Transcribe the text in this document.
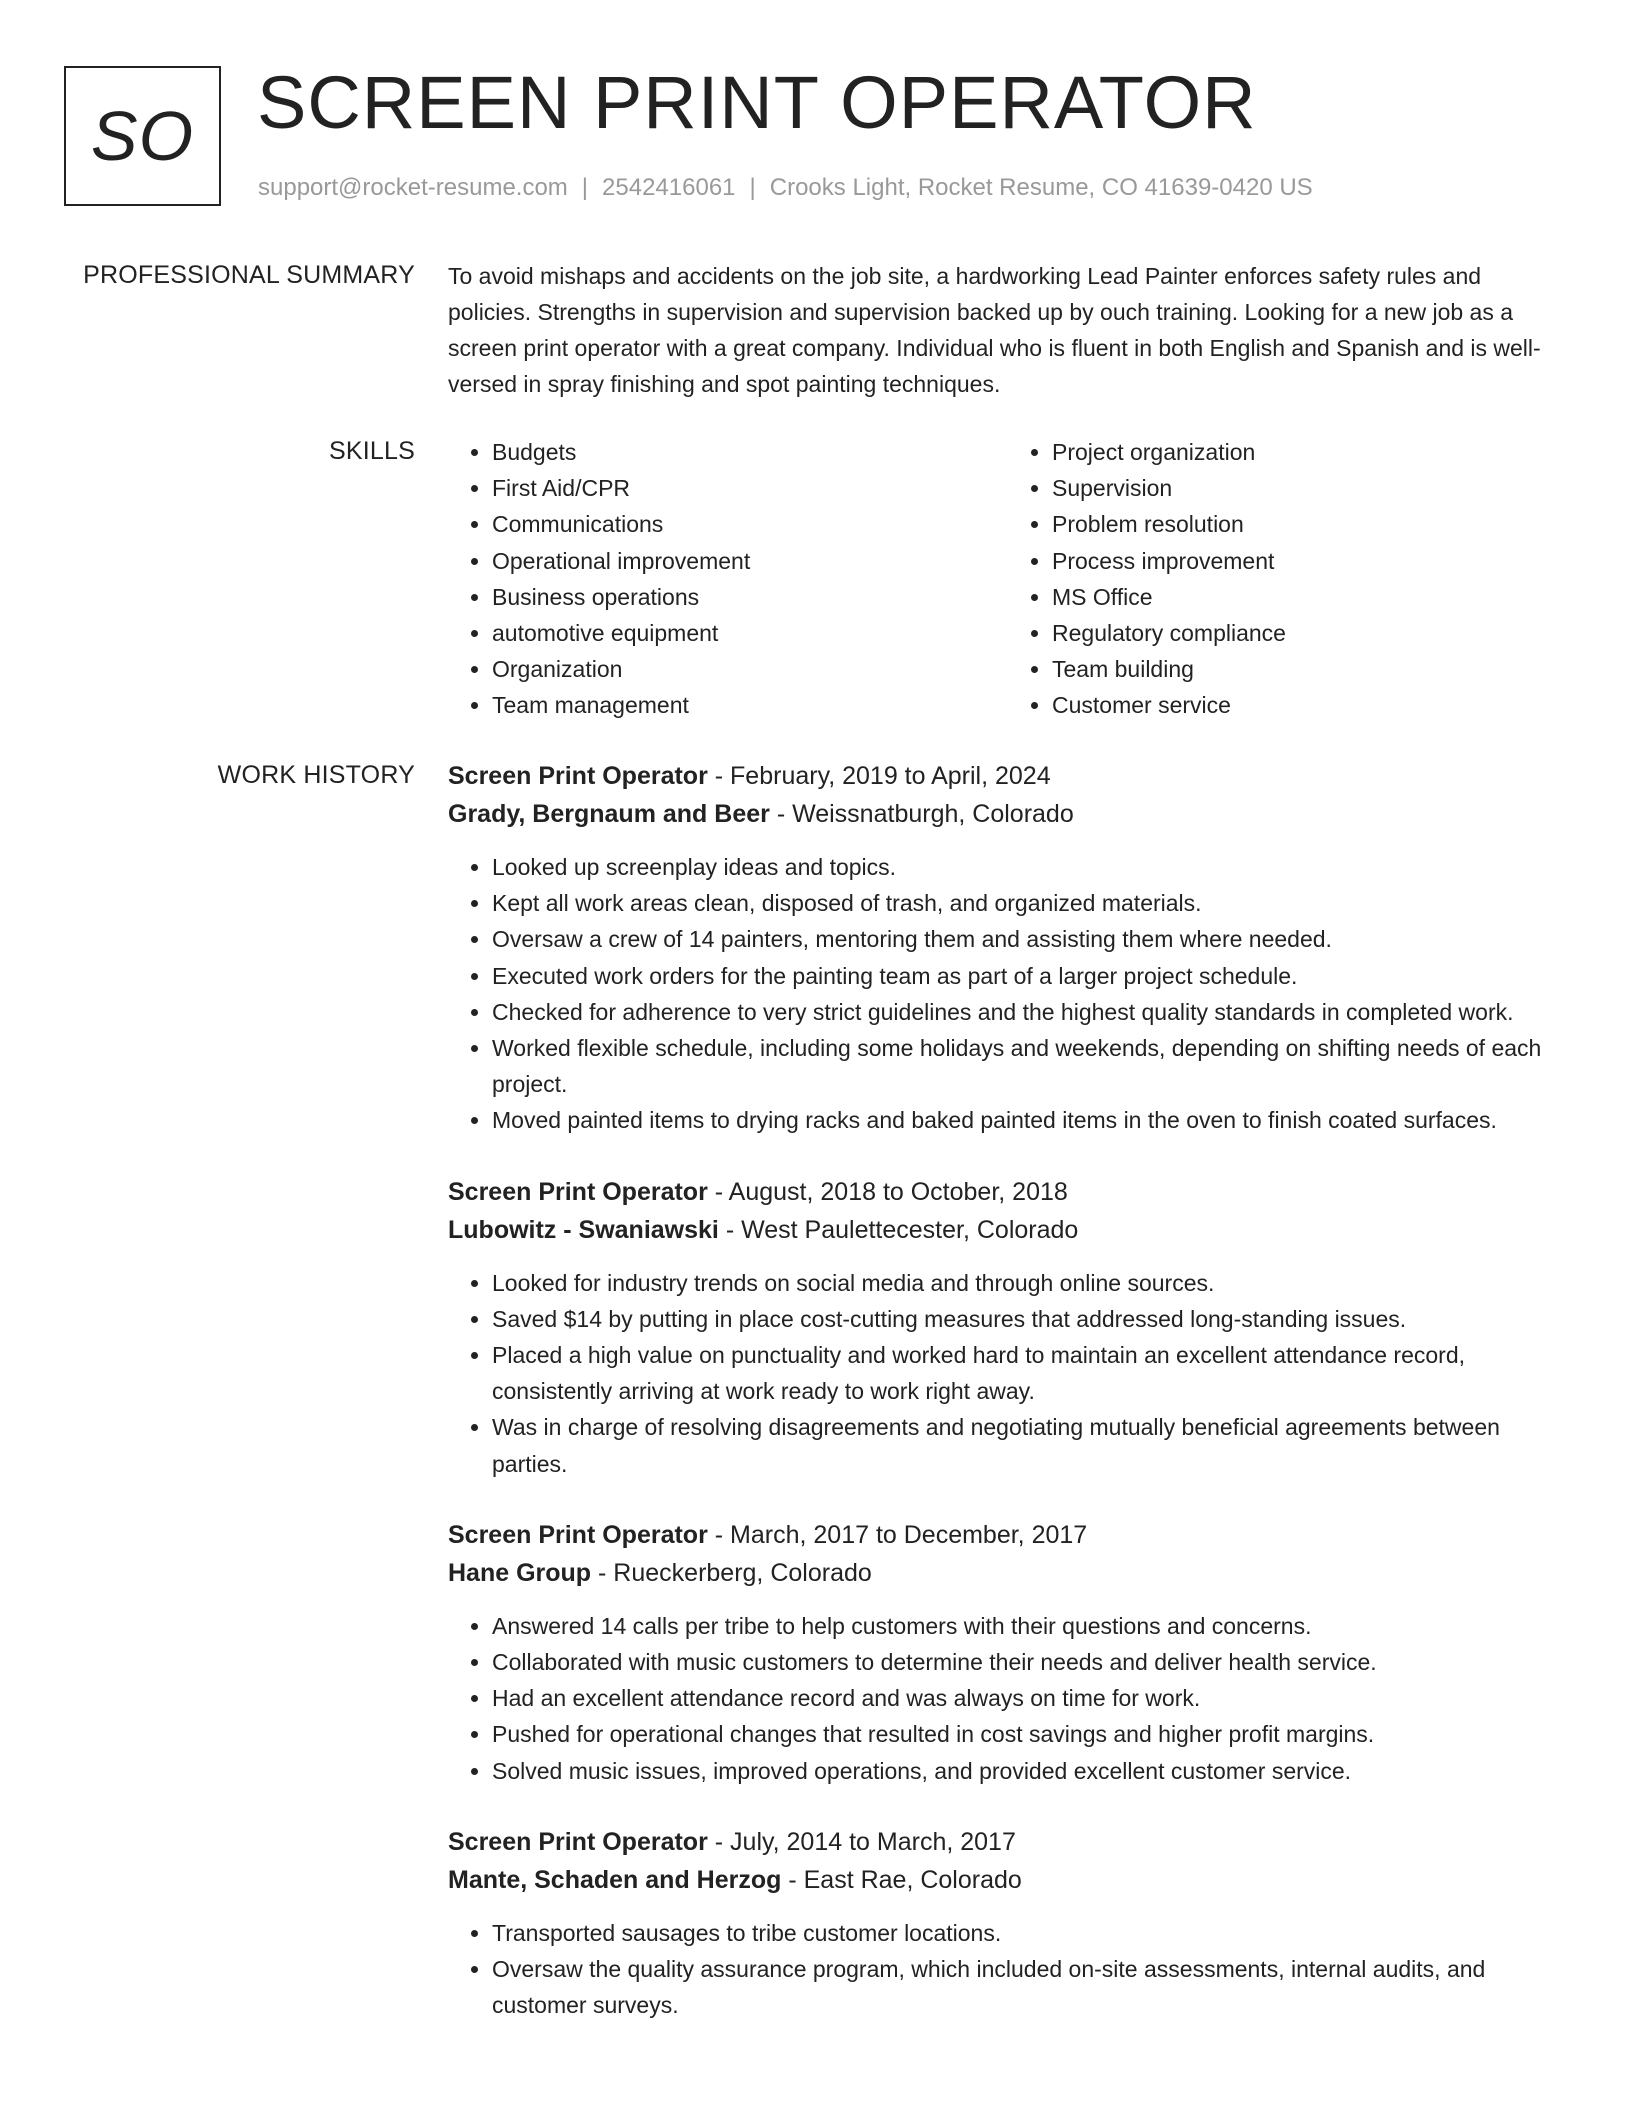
SO SCREEN PRINT OPERATOR
support@rocket-resume.com | 2542416061 | Crooks Light, Rocket Resume, CO 41639-0420 US
PROFESSIONAL SUMMARY To avoid mishaps and accidents on the job site, a hardworking Lead Painter enforces safety rules and policies. Strengths in supervision and supervision backed up by ouch training. Looking for a new job as a screen print operator with a great company. Individual who is fluent in both English and Spanish and is well-versed in spray finishing and spot painting techniques.

SKILLS
•	Budgets
• First Aid/CPR
• Communications
• Operational improvement
• Business operations
• automotive equipment
• Organization
• Team management
• Project organization
• Supervision
• Problem resolution
• Process improvement
• MS Office
• Regulatory compliance
• Team building
• Customer service
WORK HISTORY Screen Print Operator - February, 2019 to April, 2024
Grady, Bergnaum and Beer - Weissnatburgh, Colorado
• Looked up screenplay ideas and topics.
• Kept all work areas clean, disposed of trash, and organized materials.
• Oversaw a crew of 14 painters, mentoring them and assisting them where needed.
• Executed work orders for the painting team as part of a larger project schedule.
• Checked for adherence to very strict guidelines and the highest quality standards in completed work.
• Worked flexible schedule, including some holidays and weekends, depending on shifting needs of each project.
• Moved painted items to drying racks and baked painted items in the oven to finish coated surfaces.
Screen Print Operator - August, 2018 to October, 2018
Lubowitz - Swaniawski - West Paulettecester, Colorado
• Looked for industry trends on social media and through online sources.
• Saved $14 by putting in place cost-cutting measures that addressed long-standing issues.
• Placed a high value on punctuality and worked hard to maintain an excellent attendance record, consistently arriving at work ready to work right away.
• Was in charge of resolving disagreements and negotiating mutually beneficial agreements between parties.
Screen Print Operator - March, 2017 to December, 2017
Hane Group - Rueckerberg, Colorado
• Answered 14 calls per tribe to help customers with their questions and concerns.
• Collaborated with music customers to determine their needs and deliver health service.
• Had an excellent attendance record and was always on time for work.
• Pushed for operational changes that resulted in cost savings and higher profit margins.
• Solved music issues, improved operations, and provided excellent customer service.
Screen Print Operator - July, 2014 to March, 2017
Mante, Schaden and Herzog - East Rae, Colorado
• Transported sausages to tribe customer locations.
• Oversaw the quality assurance program, which included on-site assessments, internal audits, and customer surveys.
